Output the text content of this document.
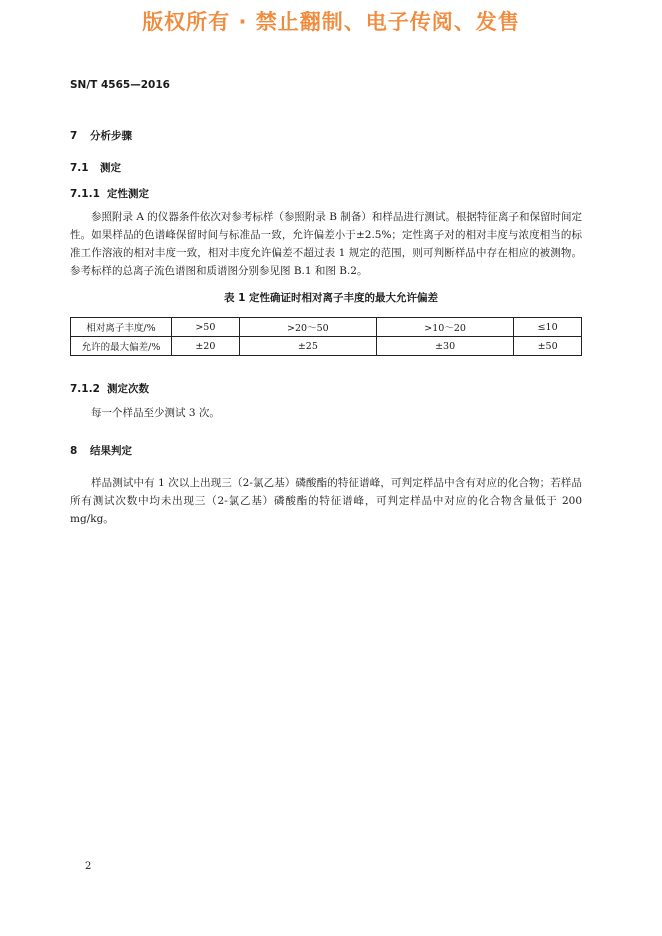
版权所有 · 禁止翻制、电子传阅、发售
SN/T 4565—2016
7 分析步骤
7.1 测定
7.1.1 定性测定
参照附录 A 的仪器条件依次对参考标样（参照附录 B 制备）和样品进行测试。根据特征离子和保留时间定性。如果样品的色谱峰保留时间与标准品一致，允许偏差小于±2.5%；定性离子对的相对丰度与浓度相当的标准工作溶液的相对丰度一致，相对丰度允许偏差不超过表 1 规定的范围，则可判断样品中存在相应的被测物。参考标样的总离子流色谱图和质谱图分别参见图 B.1 和图 B.2。
表 1 定性确证时相对离子丰度的最大允许偏差
相对离子丰度/%	>50	>20～50	>10～20	≤10
允许的最大偏差/%	±20	±25	±30	±50
7.1.2 测定次数
每一个样品至少测试 3 次。
8 结果判定
样品测试中有 1 次以上出现三（2-氯乙基）磷酸酯的特征谱峰，可判定样品中含有对应的化合物；若样品所有测试次数中均未出现三（2-氯乙基）磷酸酯的特征谱峰，可判定样品中对应的化合物含量低于 200 mg/kg。
2
